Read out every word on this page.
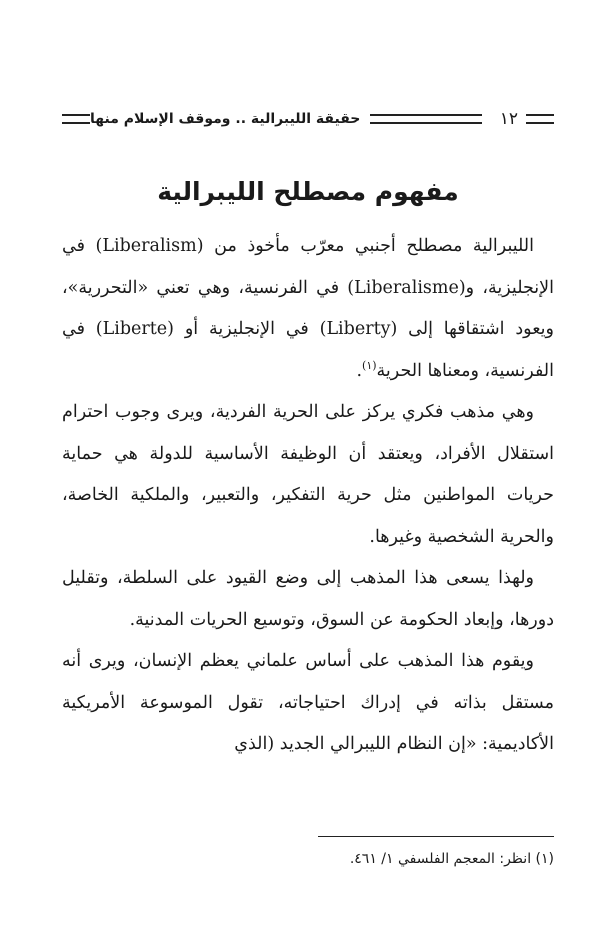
حقيقة الليبرالية .. وموقف الإسلام منها	١٢
مفهوم مصطلح الليبرالية

الليبرالية مصطلح أجنبي معرّب مأخوذ من (Liberalism) في الإنجليزية، و(Liberalisme) في الفرنسية، وهي تعني «التحررية»، ويعود اشتقاقها إلى (Liberty) في الإنجليزية أو (Liberte) في الفرنسية، ومعناها الحرية$^{(١)}$.

وهي مذهب فكري يركز على الحرية الفردية، ويرى وجوب احترام استقلال الأفراد، ويعتقد أن الوظيفة الأساسية للدولة هي حماية حريات المواطنين مثل حرية التفكير، والتعبير، والملكية الخاصة، والحرية الشخصية وغيرها.

ولهذا يسعى هذا المذهب إلى وضع القيود على السلطة، وتقليل دورها، وإبعاد الحكومة عن السوق، وتوسيع الحريات المدنية.

ويقوم هذا المذهب على أساس علماني يعظم الإنسان، ويرى أنه مستقل بذاته في إدراك احتياجاته، تقول الموسوعة الأمريكية الأكاديمية: «إن النظام الليبرالي الجديد (الذي

(١) انظر: المعجم الفلسفي ١/ ٤٦١.
